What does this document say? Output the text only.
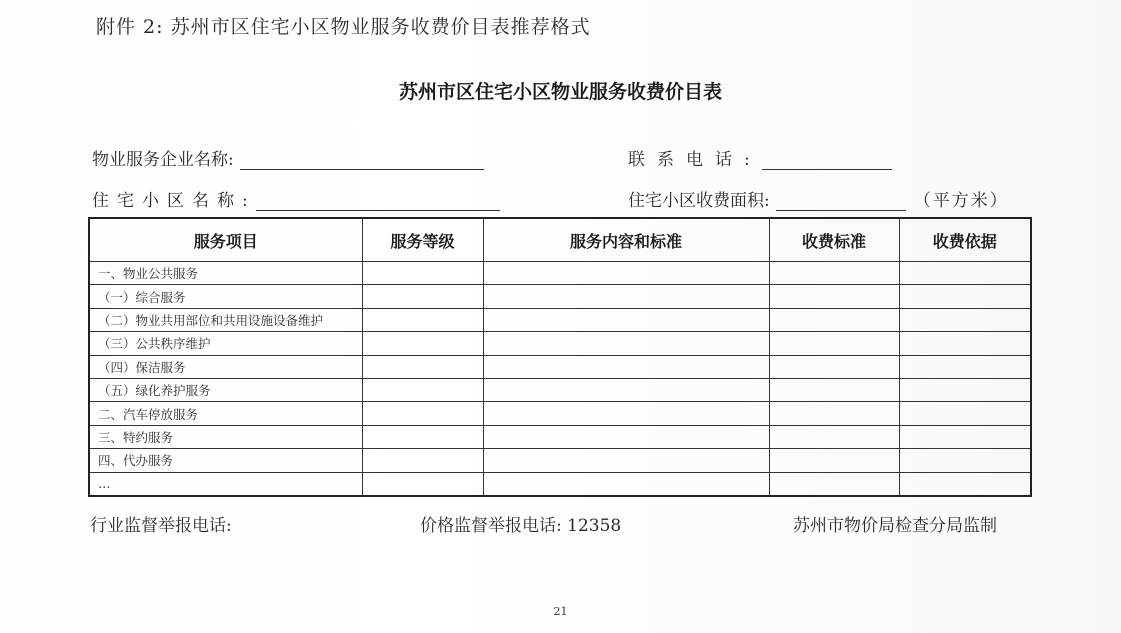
附件 2: 苏州市区住宅小区物业服务收费价目表推荐格式
苏州市区住宅小区物业服务收费价目表
物业服务企业名称:
住宅小区名称:
联系电话:
住宅小区收费面积:	（平方米）
服务项目	服务等级	服务内容和标准	收费标准	收费依据
一、物业公共服务				
（一）综合服务				
（二）物业共用部位和共用设施设备维护				
（三）公共秩序维护				
（四）保洁服务				
（五）绿化养护服务				
二、汽车停放服务				
三、特约服务				
四、代办服务				
…				
行业监督举报电话:	价格监督举报电话: 12358	苏州市物价局检查分局监制
21
